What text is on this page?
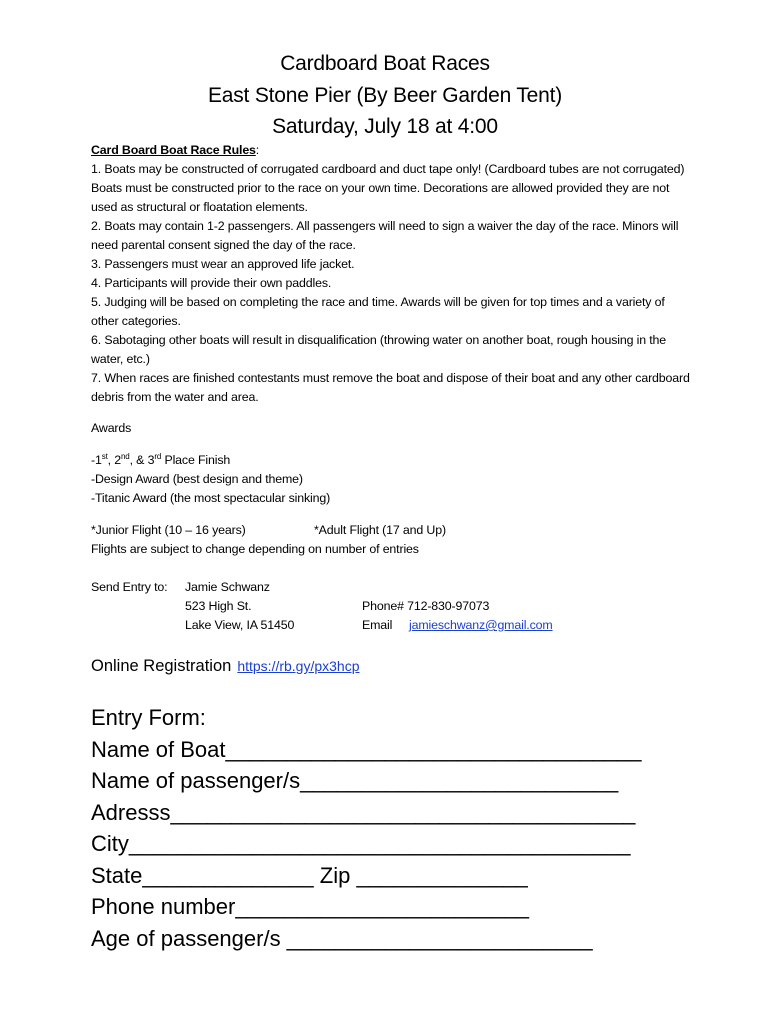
Cardboard Boat Races
East Stone Pier (By Beer Garden Tent)
Saturday, July 18 at 4:00

Card Board Boat Race Rules:

1. Boats may be constructed of corrugated cardboard and duct tape only! (Cardboard tubes are not corrugated) Boats must be constructed prior to the race on your own time. Decorations are allowed provided they are not used as structural or floatation elements.

2. Boats may contain 1-2 passengers. All passengers will need to sign a waiver the day of the race. Minors will need parental consent signed the day of the race.

3. Passengers must wear an approved life jacket.

4. Participants will provide their own paddles.

5. Judging will be based on completing the race and time. Awards will be given for top times and a variety of other categories.

6. Sabotaging other boats will result in disqualification (throwing water on another boat, rough housing in the water, etc.)

7. When races are finished contestants must remove the boat and dispose of their boat and any other cardboard debris from the water and area.

Awards
-1st, 2nd, & 3rd Place Finish
-Design Award (best design and theme)
-Titanic Award (the most spectacular sinking)
*Junior Flight (10 – 16 years)	*Adult Flight (17 and Up)
Flights are subject to change depending on number of entries
Send Entry to: Jamie Schwanz
523 High St.
Lake View, IA 51450
Phone# 712-830-97073
Email jamieschwanz@gmail.com
Online Registration https://rb.gy/px3hcp
Entry Form:
Name of Boat__________________________________
Name of passenger/s__________________________
Adresss______________________________________
City_________________________________________
State______________ Zip ______________
Phone number________________________
Age of passenger/s _________________________
